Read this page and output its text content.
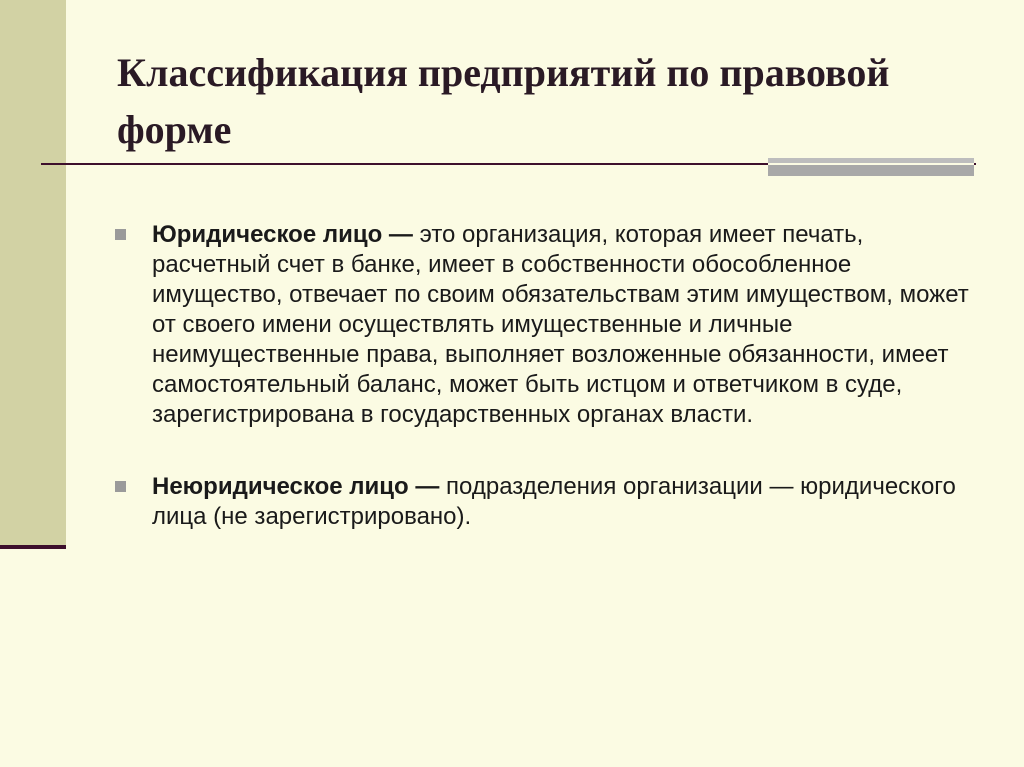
Классификация предприятий по правовой форме
Юридическое лицо — это организация, которая имеет печать, расчетный счет в банке, имеет в собственности обособленное имущество, отвечает по своим обязательствам этим имуществом, может от своего имени осуществлять имущественные и личные неимущественные права, выполняет возложенные обязанности, имеет самостоятельный баланс, может быть истцом и ответчиком в суде, зарегистрирована в государственных органах власти.
Неюридическое лицо — подразделения организации — юридического лица (не зарегистрировано).
